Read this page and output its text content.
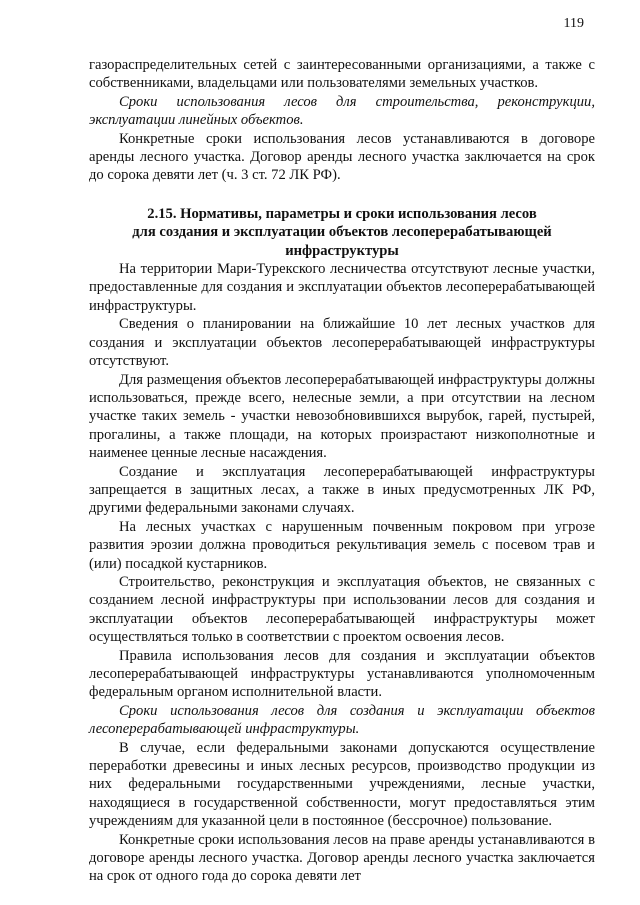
119

газораспределительных сетей с заинтересованными организациями, а также с собственниками, владельцами или пользователями земельных участков.

Сроки использования лесов для строительства, реконструкции, эксплуатации линейных объектов.

Конкретные сроки использования лесов устанавливаются в договоре аренды лесного участка. Договор аренды лесного участка заключается на срок до сорока девяти лет (ч. 3 ст. 72 ЛК РФ).

2.15. Нормативы, параметры и сроки использования лесов
для создания и эксплуатации объектов лесоперерабатывающей
инфраструктуры

На территории Мари-Турекского лесничества отсутствуют лесные участки, предоставленные для создания и эксплуатации объектов лесоперерабатывающей инфраструктуры.

Сведения о планировании на ближайшие 10 лет лесных участков для создания и эксплуатации объектов лесоперерабатывающей инфраструктуры отсутствуют.

Для размещения объектов лесоперерабатывающей инфраструктуры должны использоваться, прежде всего, нелесные земли, а при отсутствии на лесном участке таких земель - участки невозобновившихся вырубок, гарей, пустырей, прогалины, а также площади, на которых произрастают низкополнотные и наименее ценные лесные насаждения.

Создание и эксплуатация лесоперерабатывающей инфраструктуры запрещается в защитных лесах, а также в иных предусмотренных ЛК РФ, другими федеральными законами случаях.

На лесных участках с нарушенным почвенным покровом при угрозе развития эрозии должна проводиться рекультивация земель с посевом трав и (или) посадкой кустарников.

Строительство, реконструкция и эксплуатация объектов, не связанных с созданием лесной инфраструктуры при использовании лесов для создания и эксплуатации объектов лесоперерабатывающей инфраструктуры может осуществляться только в соответствии с проектом освоения лесов.

Правила использования лесов для создания и эксплуатации объектов лесоперерабатывающей инфраструктуры устанавливаются уполномоченным федеральным органом исполнительной власти.

Сроки использования лесов для создания и эксплуатации объектов лесоперерабатывающей инфраструктуры.

В случае, если федеральными законами допускаются осуществление переработки древесины и иных лесных ресурсов, производство продукции из них федеральными государственными учреждениями, лесные участки, находящиеся в государственной собственности, могут предоставляться этим учреждениям для указанной цели в постоянное (бессрочное) пользование.

Конкретные сроки использования лесов на праве аренды устанавливаются в договоре аренды лесного участка. Договор аренды лесного участка заключается на срок от одного года до сорока девяти лет
